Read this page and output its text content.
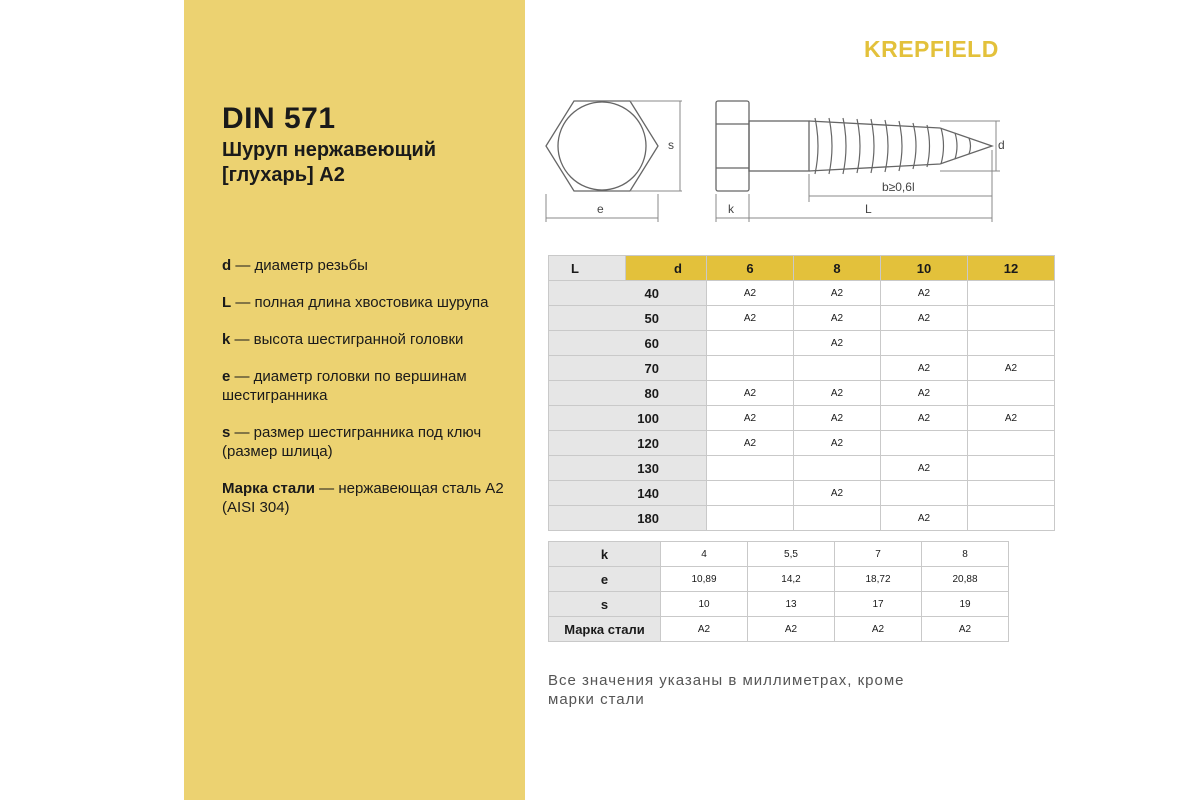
DIN 571
Шуруп нержавеющий [глухарь] A2
d — диаметр резьбы
L — полная длина хвостовика шурупа
k — высота шестигранной головки
e — диаметр головки по вершинам шестигранника
s — размер шестигранника под ключ (размер шлица)
Марка стали — нержавеющая сталь А2 (AISI 304)
KREPFIELD
s
e	k
d
b≥0,6l
L
L	d	6	8	10	12
40		A2	A2	A2	
50		A2	A2	A2	
60			A2		
70				A2	A2
80		A2	A2	A2	
100		A2	A2	A2	A2
120		A2	A2		
130				A2	
140			A2		
180				A2	
k	4	5,5	7	8
e	10,89	14,2	18,72	20,88
s	10	13	17	19
Марка стали	A2	A2	A2	A2
Все значения указаны в миллиметрах, кроме марки стали
